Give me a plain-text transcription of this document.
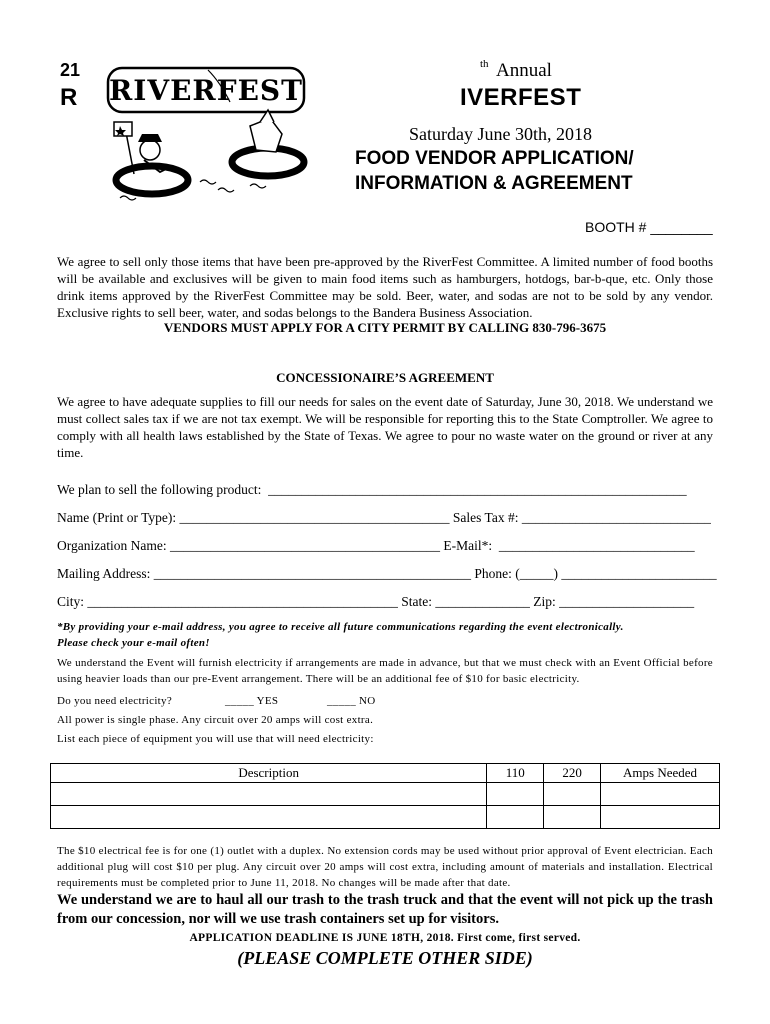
21
R RIVERFEST
th Annual
IVERFEST
Saturday June 30th, 2018
FOOD VENDOR APPLICATION/
INFORMATION & AGREEMENT
BOOTH # ________
We agree to sell only those items that have been pre-approved by the RiverFest Committee. A limited number of food booths will be available and exclusives will be given to main food items such as hamburgers, hotdogs, bar-b-que, etc. Only those drink items approved by the RiverFest Committee may be sold. Beer, water, and sodas are not to be sold by any vendor. Exclusive rights to sell beer, water, and sodas belongs to the Bandera Business Association.
VENDORS MUST APPLY FOR A CITY PERMIT BY CALLING 830-796-3675
CONCESSIONAIRE’S AGREEMENT
We agree to have adequate supplies to fill our needs for sales on the event date of Saturday, June 30, 2018. We understand we must collect sales tax if we are not tax exempt. We will be responsible for reporting this to the State Comptroller. We agree to comply with all health laws established by the State of Texas. We agree to pour no waste water on the ground or river at any time.
We plan to sell the following product:  ______________________________________________________________
Name (Print or Type): ________________________________________ Sales Tax #: ____________________________
Organization Name: ________________________________________ E-Mail*:  _____________________________
Mailing Address: _______________________________________________ Phone: (_____) _______________________
City: ______________________________________________ State: ______________ Zip: ____________________
*By providing your e-mail address, you agree to receive all future communications regarding the event electronically.
Please check your e-mail often!
We understand the Event will furnish electricity if arrangements are made in advance, but that we must check with an Event Official before using heavier loads than our pre-Event arrangement. There will be an additional fee of $10 for basic electricity.
Do you need electricity?	_____ YES	_____ NO
All power is single phase. Any circuit over 20 amps will cost extra.
List each piece of equipment you will use that will need electricity:
Description	110	220	Amps Needed

The $10 electrical fee is for one (1) outlet with a duplex. No extension cords may be used without prior approval of Event electrician. Each additional plug will cost $10 per plug. Any circuit over 20 amps will cost extra, including amount of materials and installation. Electrical requirements must be completed prior to June 11, 2018. No changes will be made after that date.
We understand we are to haul all our trash to the trash truck and that the event will not pick up the trash from our concession, nor will we use trash containers set up for visitors.
APPLICATION DEADLINE IS JUNE 18TH, 2018. First come, first served.
(PLEASE COMPLETE OTHER SIDE)
